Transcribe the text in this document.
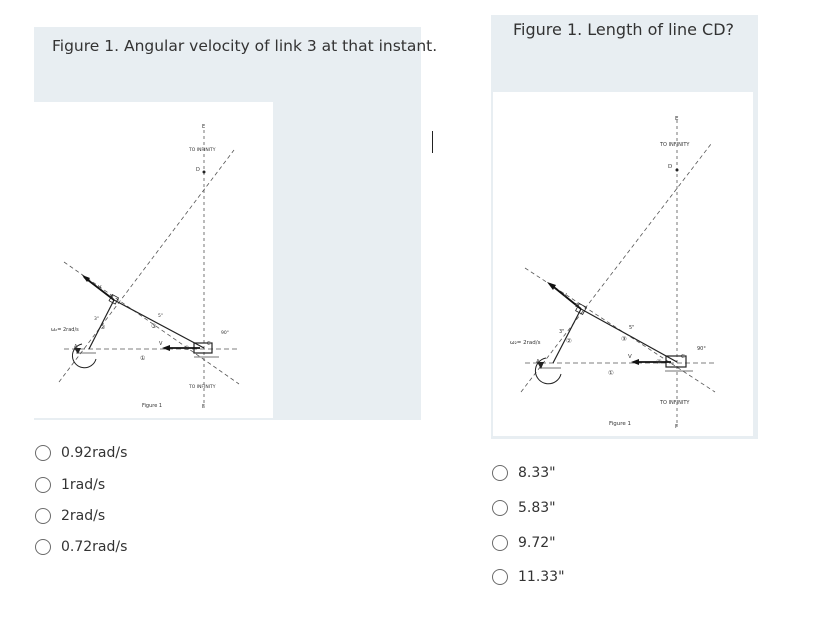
Figure 1. Angular velocity of link 3 at that instant.
E
TO INFINITY
D
B
C
A
ω₂= 2rad/s
3"
5"
90°
②	③
④
①
V
V
TO INFINITY
F
Figure 1
0.92rad/s
1rad/s
2rad/s
0.72rad/s
Figure 1. Length of line CD?
E
TO INFINITY
D
B
C
A
ω₂= 2rad/s
3"
5"
90°
②	③
④
①
V
V
TO INFINITY
F
Figure 1
8.33"
5.83"
9.72"
11.33"
